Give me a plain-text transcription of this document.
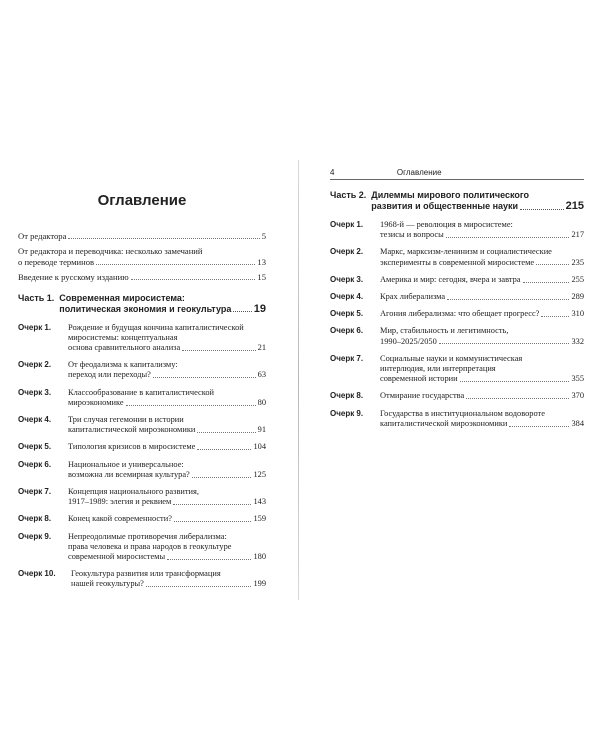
Оглавление
От редактора	5
От редактора и переводчика: несколько замечаний
о переводе терминов	13
Введение к русскому изданию	15
Часть 1. Современная миросистема:
политическая экономия и геокультура 19
Очерк 1.	Рождение и будущая кончина капиталистической
миросистемы: концептуальная
основа сравнительного анализа	21
Очерк 2.	От феодализма к капитализму:
переход или переходы?	63
Очерк 3.	Классообразование в капиталистической
мироэкономике	80
Очерк 4.	Три случая гегемонии в истории
капиталистической мироэкономики	91
Очерк 5.	Типология кризисов в миросистеме	104
Очерк 6.	Национальное и универсальное:
возможна ли всемирная культура?	125
Очерк 7.	Концепция национального развития,
1917–1989: элегия и реквием	143
Очерк 8.	Конец какой современности?	159
Очерк 9.	Непреодолимые противоречия либерализма:
права человека и права народов в геокультуре
современной миросистемы	180
Очерк 10.	Геокультура развития или трансформация
нашей геокультуры?	199
4	Оглавление
Часть 2. Дилеммы мирового политического
развития и общественные науки	215
Очерк 1.	1968-й — революция в миросистеме:
тезисы и вопросы	217
Очерк 2.	Маркс, марксизм-ленинизм и социалистические
эксперименты в современной миросистеме	235
Очерк 3.	Америка и мир: сегодня, вчера и завтра	255
Очерк 4.	Крах либерализма	289
Очерк 5.	Агония либерализма: что обещает прогресс?	310
Очерк 6.	Мир, стабильность и легитимность,
1990–2025/2050	332
Очерк 7.	Социальные науки и коммунистическая
интерлюдия, или интерпретация
современной истории	355
Очерк 8.	Отмирание государства	370
Очерк 9.	Государства в институциональном водовороте
капиталистической мироэкономики	384
